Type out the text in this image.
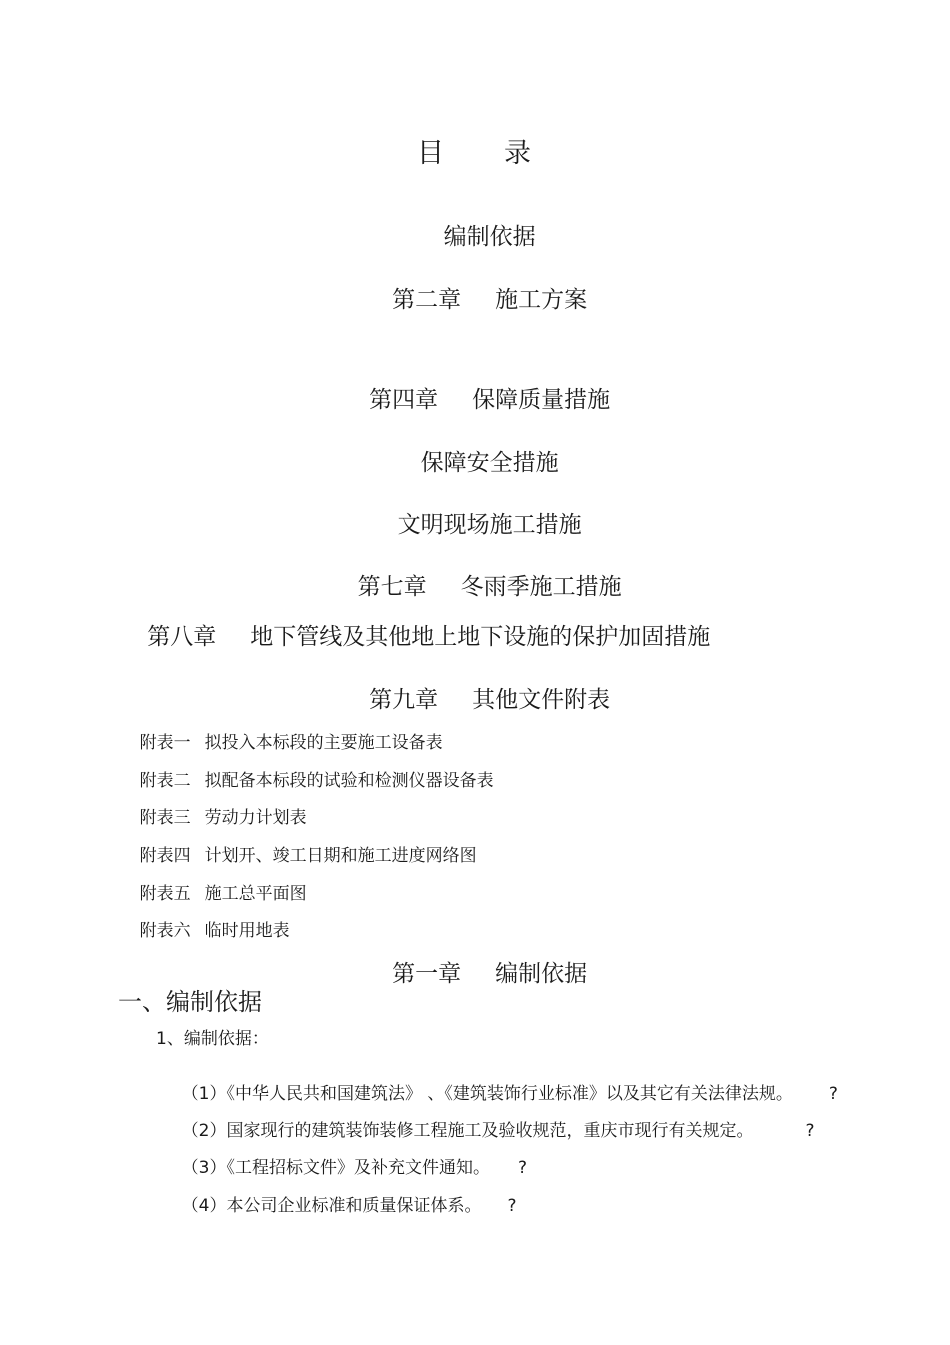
目　　录

编制依据

第二章 施工方案

第四章 保障质量措施

保障安全措施

文明现场施工措施

第七章 冬雨季施工措施

第八章 地下管线及其他地上地下设施的保护加固措施

第九章 其他文件附表

附表一 拟投入本标段的主要施工设备表

附表二 拟配备本标段的试验和检测仪器设备表

附表三 劳动力计划表

附表四 计划开、竣工日期和施工进度网络图

附表五 施工总平面图

附表六 临时用地表

第一章 编制依据

一、编制依据
1、编制依据：

（1）《中华人民共和国建筑法》 、《建筑装饰行业标准》以及其它有关法律法规。 ?

（2）国家现行的建筑装饰装修工程施工及验收规范，重庆市现行有关规定。	?

（3）《工程招标文件》及补充文件通知。 ?

（4）本公司企业标准和质量保证体系。 ?
